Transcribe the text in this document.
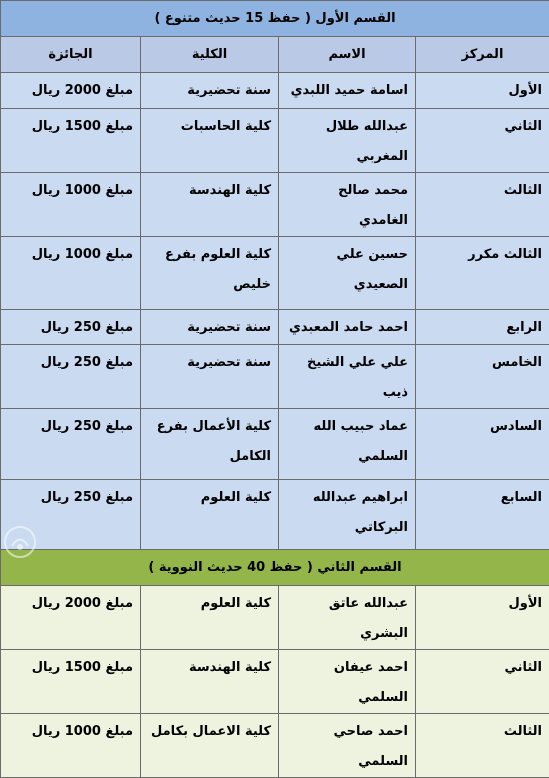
القسم الأول ( حفظ 15 حديث متنوع )			
المركز	الاسم	الكلية	الجائزة
الأول	اسامة حميد اللبدي	سنة تحضيرية	مبلغ 2000 ريال
الثاني	عبدالله طلال المغربي	كلية الحاسبات	مبلغ 1500 ريال
الثالث	محمد صالح الغامدي	كلية الهندسة	مبلغ 1000 ريال
الثالث مكرر	حسين علي الصعيدي	كلية العلوم بفرع خليص	مبلغ 1000 ريال
الرابع	احمد حامد المعبدي	سنة تحضيرية	مبلغ 250 ريال
الخامس	علي علي الشيخ ذيب	سنة تحضيرية	مبلغ 250 ريال
السادس	عماد حبيب الله السلمي	كلية الأعمال بفرع الكامل	مبلغ 250 ريال
السابع	ابراهيم عبدالله البركاتي	كلية العلوم	مبلغ 250 ريال
القسم الثاني ( حفظ 40 حديث النووية )			
الأول	عبدالله عاتق البشري	كلية العلوم	مبلغ 2000 ريال
الثاني	احمد عيفان السلمي	كلية الهندسة	مبلغ 1500 ريال
الثالث	احمد صاحي السلمي	كلية الاعمال بكامل	مبلغ 1000 ريال
